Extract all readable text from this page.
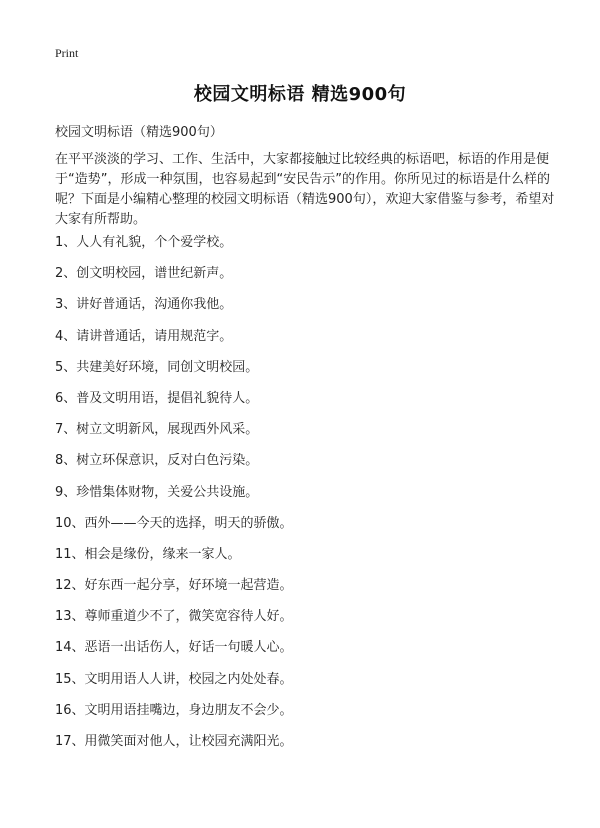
Print
校园文明标语 精选900句
校园文明标语（精选900句）

在平平淡淡的学习、工作、生活中，大家都接触过比较经典的标语吧，标语的作用是便于“造势”，形成一种氛围，也容易起到“安民告示”的作用。你所见过的标语是什么样的呢？下面是小编精心整理的校园文明标语（精选900句），欢迎大家借鉴与参考，希望对大家有所帮助。

1、人人有礼貌，个个爱学校。
2、创文明校园，谱世纪新声。
3、讲好普通话，沟通你我他。
4、请讲普通话，请用规范字。
5、共建美好环境，同创文明校园。
6、普及文明用语，提倡礼貌待人。
7、树立文明新风，展现西外风采。
8、树立环保意识，反对白色污染。
9、珍惜集体财物，关爱公共设施。
10、西外——今天的选择，明天的骄傲。
11、相会是缘份，缘来一家人。
12、好东西一起分享，好环境一起营造。
13、尊师重道少不了，微笑宽容待人好。
14、恶语一出话伤人，好话一句暖人心。
15、文明用语人人讲，校园之内处处春。
16、文明用语挂嘴边，身边朋友不会少。
17、用微笑面对他人，让校园充满阳光。
